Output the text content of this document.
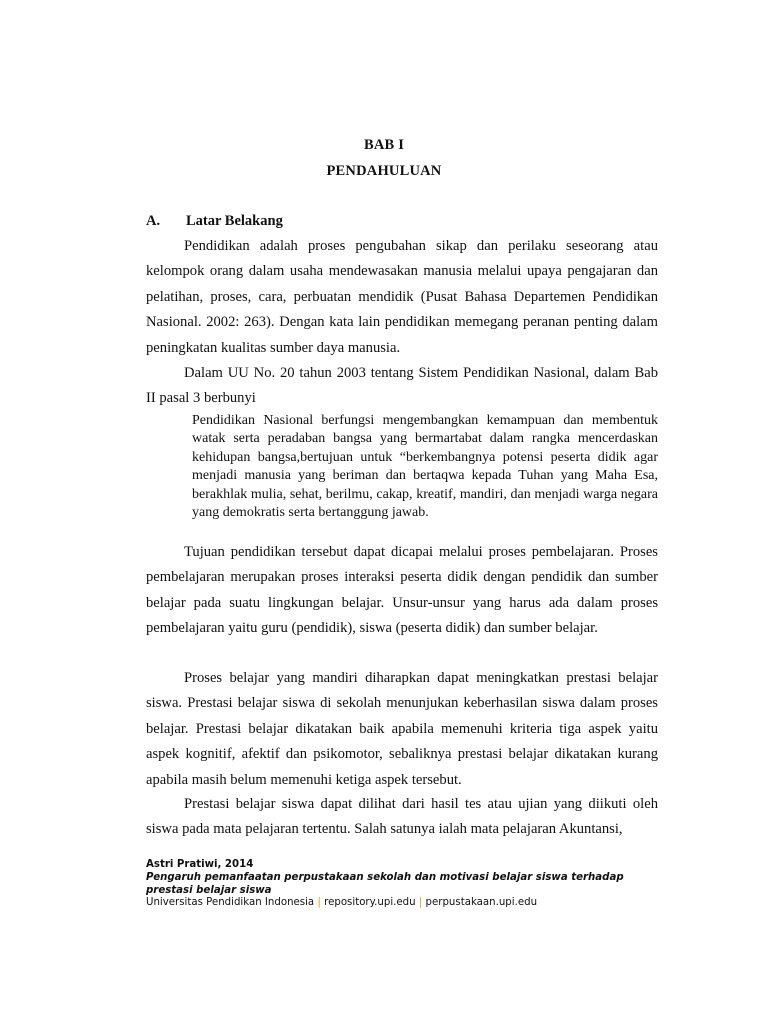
BAB I
PENDAHULUAN
A. Latar Belakang

Pendidikan adalah proses pengubahan sikap dan perilaku seseorang atau kelompok orang dalam usaha mendewasakan manusia melalui upaya pengajaran dan pelatihan, proses, cara, perbuatan mendidik (Pusat Bahasa Departemen Pendidikan Nasional. 2002: 263). Dengan kata lain pendidikan memegang peranan penting dalam peningkatan kualitas sumber daya manusia.

Dalam UU No. 20 tahun 2003 tentang Sistem Pendidikan Nasional, dalam Bab II pasal 3 berbunyi

Pendidikan Nasional berfungsi mengembangkan kemampuan dan membentuk watak serta peradaban bangsa yang bermartabat dalam rangka mencerdaskan kehidupan bangsa,bertujuan untuk “berkembangnya potensi peserta didik agar menjadi manusia yang beriman dan bertaqwa kepada Tuhan yang Maha Esa, berakhlak mulia, sehat, berilmu, cakap, kreatif, mandiri, dan menjadi warga negara yang demokratis serta bertanggung jawab.

Tujuan pendidikan tersebut dapat dicapai melalui proses pembelajaran. Proses pembelajaran merupakan proses interaksi peserta didik dengan pendidik dan sumber belajar pada suatu lingkungan belajar. Unsur-unsur yang harus ada dalam proses pembelajaran yaitu guru (pendidik), siswa (peserta didik) dan sumber belajar.

Proses belajar yang mandiri diharapkan dapat meningkatkan prestasi belajar siswa. Prestasi belajar siswa di sekolah menunjukan keberhasilan siswa dalam proses belajar. Prestasi belajar dikatakan baik apabila memenuhi kriteria tiga aspek yaitu aspek kognitif, afektif dan psikomotor, sebaliknya prestasi belajar dikatakan kurang apabila masih belum memenuhi ketiga aspek tersebut.

Prestasi belajar siswa dapat dilihat dari hasil tes atau ujian yang diikuti oleh siswa pada mata pelajaran tertentu. Salah satunya ialah mata pelajaran Akuntansi,

Astri Pratiwi, 2014
Pengaruh pemanfaatan perpustakaan sekolah dan motivasi belajar siswa terhadap prestasi belajar siswa
Universitas Pendidikan Indonesia | repository.upi.edu | perpustakaan.upi.edu
